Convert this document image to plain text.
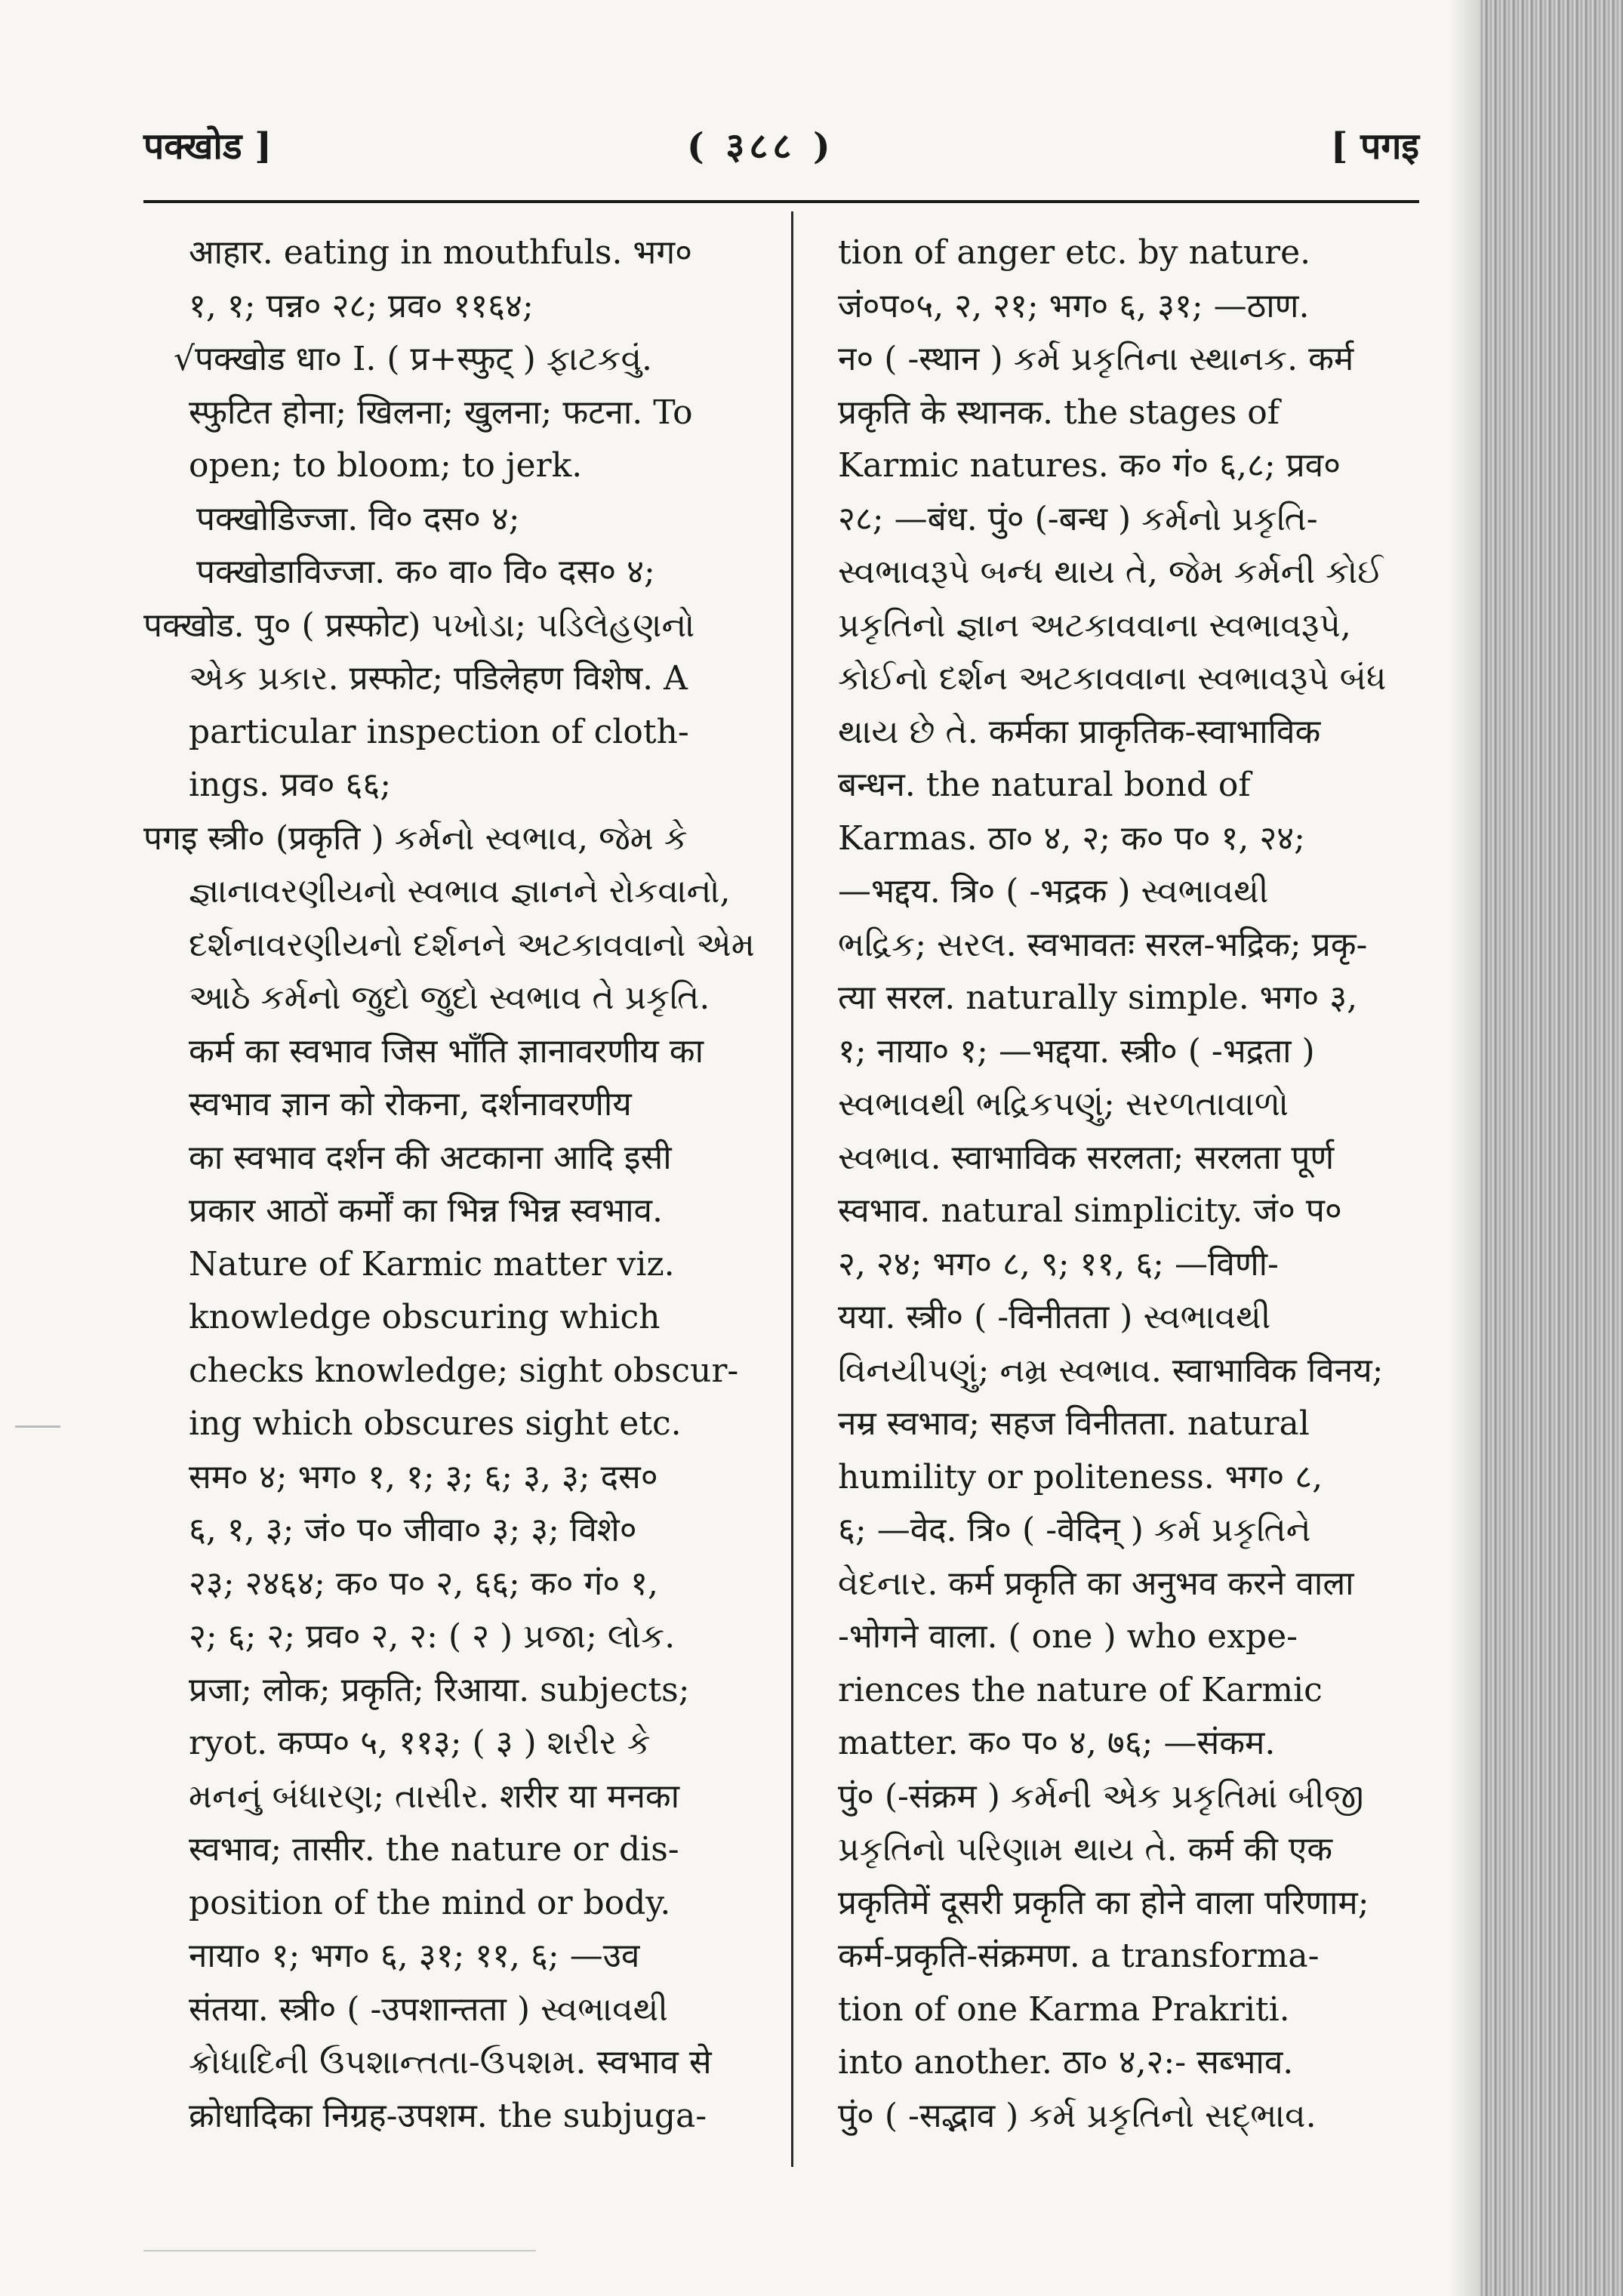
पक्खोड ]	( ३८८ )	[ पगइ
आहार. eating in mouthfuls. भग०
१, १; पन्न० २८; प्रव० ११६४;
√पक्खोड धा० I. ( प्र+स्फुट् ) ફાટકવું.
स्फुटित होना; खिलना; खुलना; फटना. To
open; to bloom; to jerk.
पक्खोडिज्जा. वि० दस० ४;
पक्खोडाविज्जा. क० वा० वि० दस० ४;
पक्खोड. पु० ( प्रस्फोट) પખોડા; પડિલેહણનો
એક પ્રકાર. प्रस्फोट; पडिलेहण विशेष. A
particular inspection of cloth-
ings. प्रव० ६६;
पगइ स्त्री० (प्रकृति ) કર્મનો સ્વભાવ, જેમ કે
જ્ઞાનાવરણીયનો સ્વભાવ જ્ઞાનને રોકવાનો,
દર્શનાવરણીયનો દર્શનને અટકાવવાનો એમ
આઠે કર્મનો જુદો જુદો સ્વભાવ તે પ્રકૃતિ.
कर्म का स्वभाव जिस भाँति ज्ञानावरणीय का
स्वभाव ज्ञान को रोकना, दर्शनावरणीय
का स्वभाव दर्शन की अटकाना आदि इसी
प्रकार आठों कर्मों का भिन्न भिन्न स्वभाव.
Nature of Karmic matter viz.
knowledge obscuring which
checks knowledge; sight obscur-
ing which obscures sight etc.
सम० ४; भग० १, १; ३; ६; ३, ३; दस०
६, १, ३; जं० प० जीवा० ३; ३; विशे०
२३; २४६४; क० प० २, ६६; क० गं० १,
२; ६; २; प्रव० २, २: ( २ ) પ્રજા; લોક.
प्रजा; लोक; प्रकृति; रिआया. subjects;
ryot. कप्प० ५, ११३; ( ३ ) શરીર કે
મનનું બંધારણ; તાસીર. शरीर या मनका
स्वभाव; तासीर. the nature or dis-
position of the mind or body.
नाया० १; भग० ६, ३१; ११, ६; —उव
संतया. स्त्री० ( -उपशान्तता ) સ્વભાવથી
ક્રોધાદિની ઉપશાન્તતા-ઉપશમ. स्वभाव से
क्रोधादिका निग्रह-उपशम. the subjuga-
tion of anger etc. by nature.
जं०प०५, २, २१; भग० ६, ३१; —ठाण.
न० ( -स्थान ) કર્મ પ્રકૃતિના સ્થાનક. कर्म
प्रकृति के स्थानक. the stages of
Karmic natures. क० गं० ६,८; प्रव०
२८; —बंध. पुं० (-बन्ध ) કર્મનો પ્રકૃતિ-
સ્વભાવરૂપે બન્ધ થાય તે, જેમ કર્મની કોઈ
પ્રકૃતિનો જ્ઞાન અટકાવવાના સ્વભાવરૂપે,
કોઈનો દર્શન અટકાવવાના સ્વભાવરૂપે બંધ
થાય છે તે. कर्मका प्राकृतिक-स्वाभाविक
बन्धन. the natural bond of
Karmas. ठा० ४, २; क० प० १, २४;
—भद्दय. त्रि० ( -भद्रक ) સ્વભાવથી
ભદ્રિક; સરલ. स्वभावतः सरल-भद्रिक; प्रकृ-
त्या सरल. naturally simple. भग० ३,
१; नाया० १; —भद्दया. स्त्री० ( -भद्रता )
સ્વભાવથી ભદ્રિકપણું; સરળતાવાળો
સ્વભાવ. स्वाभाविक सरलता; सरलता पूर्ण
स्वभाव. natural simplicity. जं० प०
२, २४; भग० ८, ९; ११, ६; —विणी-
यया. स्त्री० ( -विनीतता ) સ્વભાવથી
વિનયીપણું; નમ્ર સ્વભાવ. स्वाभाविक विनय;
नम्र स्वभाव; सहज विनीतता. natural
humility or politeness. भग० ८,
६; —वेद. त्रि० ( -वेदिन् ) કર્મ પ્રકૃતિને
વેદનાર. कर्म प्रकृति का अनुभव करने वाला
-भोगने वाला. ( one ) who expe-
riences the nature of Karmic
matter. क० प० ४, ७६; —संकम.
पुं० (-संक्रम ) કર્મની એક પ્રકૃતિમાં બીજી
પ્રકૃતિનો પરિણામ થાય તે. कर्म की एक
प्रकृतिमें दूसरी प्रकृति का होने वाला परिणाम;
कर्म-प्रकृति-संक्रमण. a transforma-
tion of one Karma Prakriti.
into another. ठा० ४,२:- सब्भाव.
पुं० ( -सद्भाव ) કર્મ પ્રકૃતિનો સદ્ભાવ.
